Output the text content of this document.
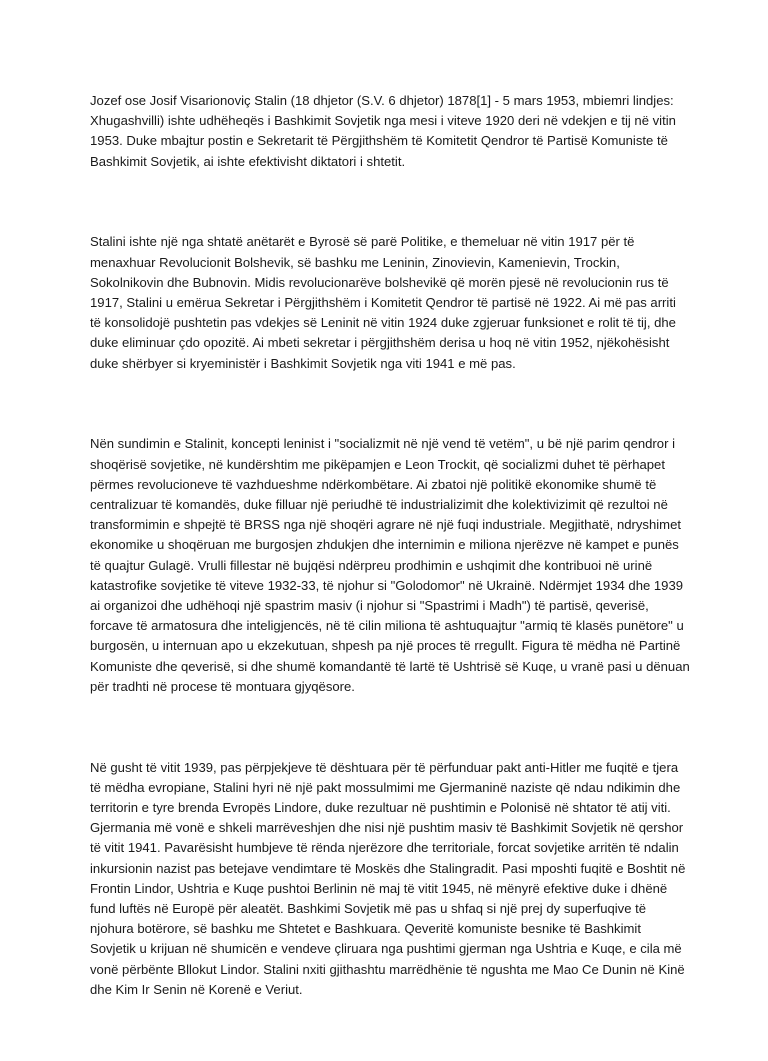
Jozef ose Josif Visarionoviç Stalin (18 dhjetor (S.V. 6 dhjetor) 1878[1] - 5 mars 1953, mbiemri lindjes: Xhugashvilli) ishte udhëheqës i Bashkimit Sovjetik nga mesi i viteve 1920 deri në vdekjen e tij në vitin 1953. Duke mbajtur postin e Sekretarit të Përgjithshëm të Komitetit Qendror të Partisë Komuniste të Bashkimit Sovjetik, ai ishte efektivisht diktatori i shtetit.

Stalini ishte një nga shtatë anëtarët e Byrosë së parë Politike, e themeluar në vitin 1917 për të menaxhuar Revolucionit Bolshevik, së bashku me Leninin, Zinovievin, Kamenievin, Trockin, Sokolnikovin dhe Bubnovin. Midis revolucionarëve bolshevikë që morën pjesë në revolucionin rus të 1917, Stalini u emërua Sekretar i Përgjithshëm i Komitetit Qendror të partisë në 1922. Ai më pas arriti të konsolidojë pushtetin pas vdekjes së Leninit në vitin 1924 duke zgjeruar funksionet e rolit të tij, dhe duke eliminuar çdo opozitë. Ai mbeti sekretar i përgjithshëm derisa u hoq në vitin 1952, njëkohësisht duke shërbyer si kryeministër i Bashkimit Sovjetik nga viti 1941 e më pas.

Nën sundimin e Stalinit, koncepti leninist i "socializmit në një vend të vetëm", u bë një parim qendror i shoqërisë sovjetike, në kundërshtim me pikëpamjen e Leon Trockit, që socializmi duhet të përhapet përmes revolucioneve të vazhdueshme ndërkombëtare. Ai zbatoi një politikë ekonomike shumë të centralizuar të komandës, duke filluar një periudhë të industrializimit dhe kolektivizimit që rezultoi në transformimin e shpejtë të BRSS nga një shoqëri agrare në një fuqi industriale. Megjithatë, ndryshimet ekonomike u shoqëruan me burgosjen zhdukjen dhe internimin e miliona njerëzve në kampet e punës të quajtur Gulagë. Vrulli fillestar në bujqësi ndërpreu prodhimin e ushqimit dhe kontribuoi në urinë katastrofike sovjetike të viteve 1932-33, të njohur si "Golodomor" në Ukrainë. Ndërmjet 1934 dhe 1939 ai organizoi dhe udhëhoqi një spastrim masiv (i njohur si "Spastrimi i Madh") të partisë, qeverisë, forcave të armatosura dhe inteligjencës, në të cilin miliona të ashtuquajtur "armiq të klasës punëtore" u burgosën, u internuan apo u ekzekutuan, shpesh pa një proces të rregullt. Figura të mëdha në Partinë Komuniste dhe qeverisë, si dhe shumë komandantë të lartë të Ushtrisë së Kuqe, u vranë pasi u dënuan për tradhti në procese të montuara gjyqësore.

Në gusht të vitit 1939, pas përpjekjeve të dështuara për të përfunduar pakt anti-Hitler me fuqitë e tjera të mëdha evropiane, Stalini hyri në një pakt mossulmimi me Gjermaninë naziste që ndau ndikimin dhe territorin e tyre brenda Evropës Lindore, duke rezultuar në pushtimin e Polonisë në shtator të atij viti. Gjermania më vonë e shkeli marrëveshjen dhe nisi një pushtim masiv të Bashkimit Sovjetik në qershor të vitit 1941. Pavarësisht humbjeve të rënda njerëzore dhe territoriale, forcat sovjetike arritën të ndalin inkursionin nazist pas betejave vendimtare të Moskës dhe Stalingradit. Pasi mposhti fuqitë e Boshtit në Frontin Lindor, Ushtria e Kuqe pushtoi Berlinin në maj të vitit 1945, në mënyrë efektive duke i dhënë fund luftës në Europë për aleatët. Bashkimi Sovjetik më pas u shfaq si një prej dy superfuqive të njohura botërore, së bashku me Shtetet e Bashkuara. Qeveritë komuniste besnike të Bashkimit Sovjetik u krijuan në shumicën e vendeve çliruara nga pushtimi gjerman nga Ushtria e Kuqe, e cila më vonë përbënte Bllokut Lindor. Stalini nxiti gjithashtu marrëdhënie të ngushta me Mao Ce Dunin në Kinë dhe Kim Ir Senin në Korenë e Veriut.
